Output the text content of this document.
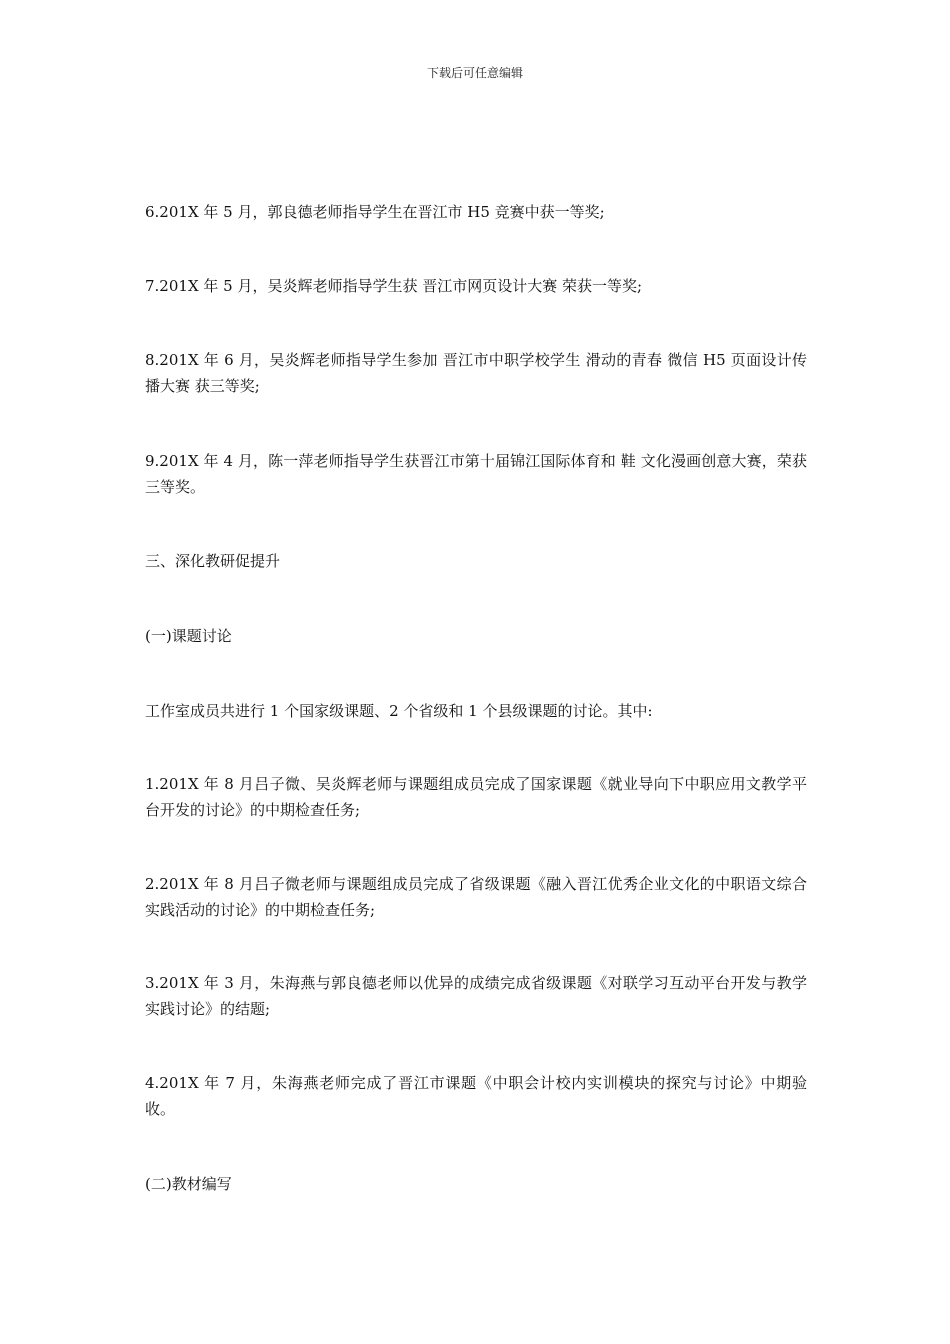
下载后可任意编辑

6.201X 年 5 月，郭良德老师指导学生在晋江市 H5 竞赛中获一等奖;

7.201X 年 5 月，吴炎辉老师指导学生获 晋江市网页设计大赛 荣获一等奖;

8.201X 年 6 月，吴炎辉老师指导学生参加 晋江市中职学校学生 滑动的青春 微信 H5 页面设计传播大赛 获三等奖;

9.201X 年 4 月，陈一萍老师指导学生获晋江市第十届锦江国际体育和 鞋 文化漫画创意大赛，荣获三等奖。

三、深化教研促提升

(一)课题讨论

工作室成员共进行 1 个国家级课题、2 个省级和 1 个县级课题的讨论。其中:

1.201X 年 8 月吕子微、吴炎辉老师与课题组成员完成了国家课题《就业导向下中职应用文教学平台开发的讨论》的中期检查任务;

2.201X 年 8 月吕子微老师与课题组成员完成了省级课题《融入晋江优秀企业文化的中职语文综合实践活动的讨论》的中期检查任务;

3.201X 年 3 月，朱海燕与郭良德老师以优异的成绩完成省级课题《对联学习互动平台开发与教学实践讨论》的结题;

4.201X 年 7 月，朱海燕老师完成了晋江市课题《中职会计校内实训模块的探究与讨论》中期验收。

(二)教材编写
